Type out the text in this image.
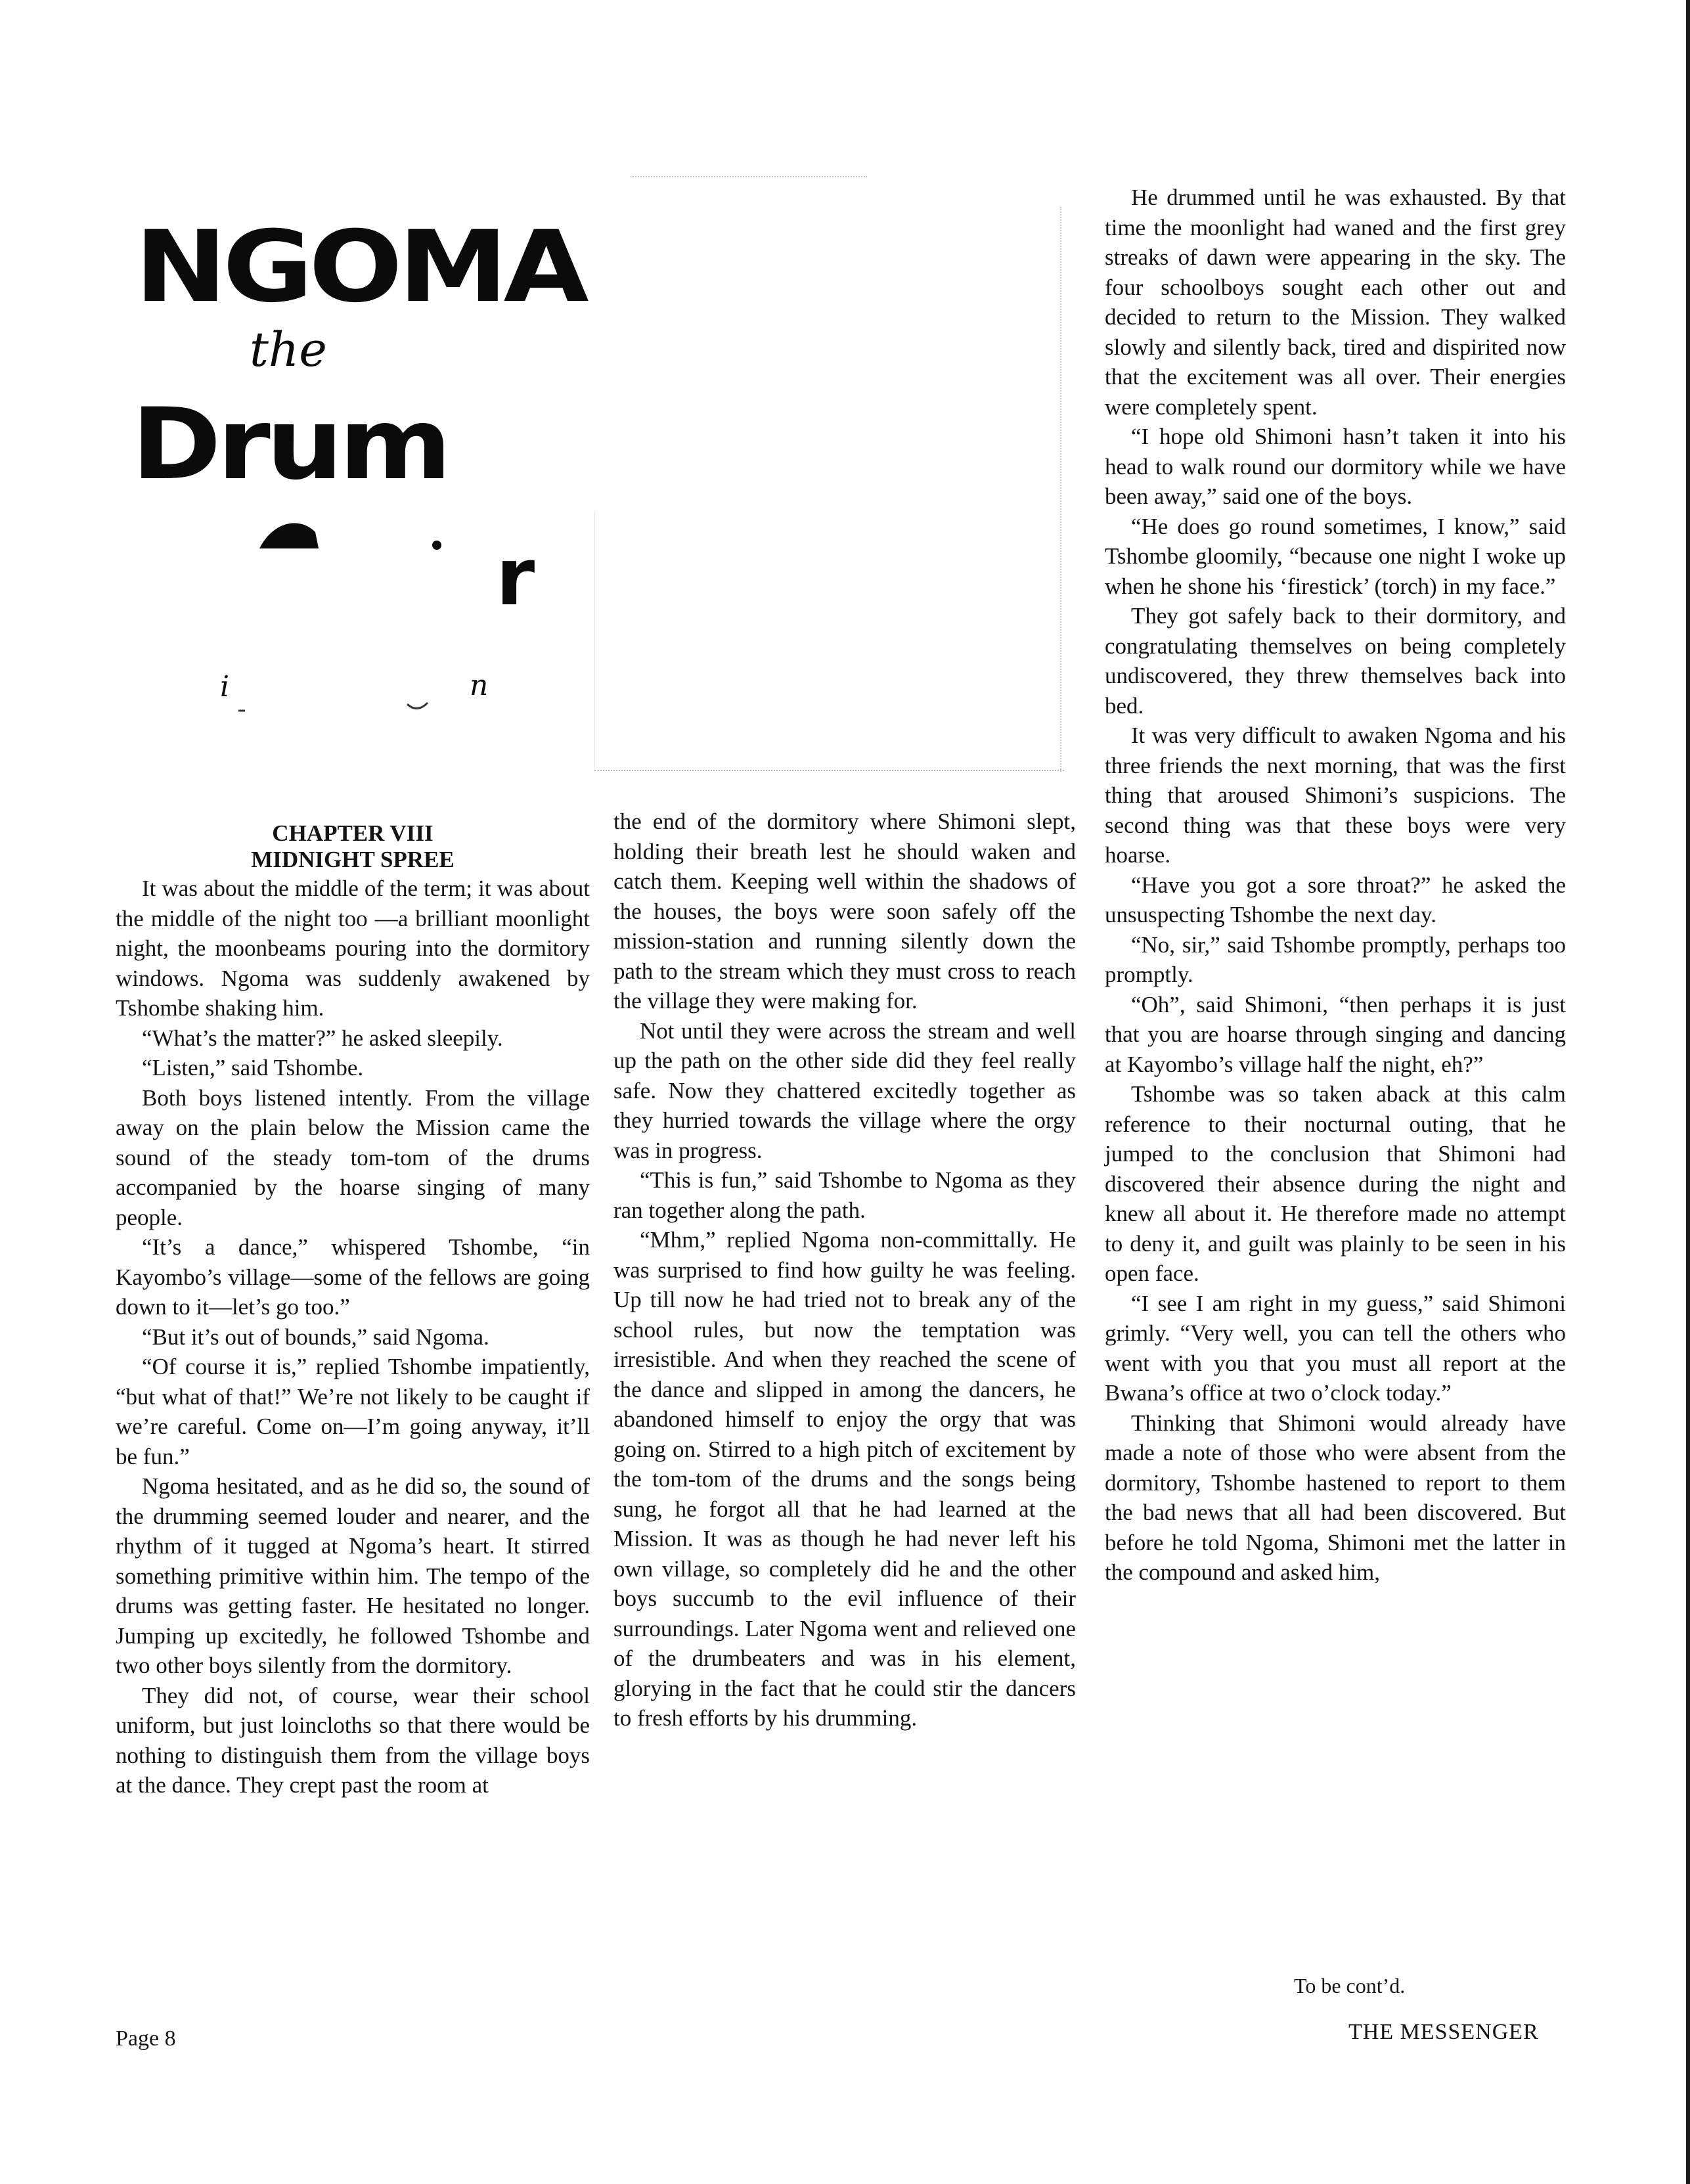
NGOMA
the
Drum
r
i	n
CHAPTER VIII
MIDNIGHT SPREE

It was about the middle of the term; it was about the middle of the night too —a brilliant moonlight night, the moonbeams pouring into the dormitory windows. Ngoma was suddenly awakened by Tshombe shaking him.

“What’s the matter?” he asked sleepily.

“Listen,” said Tshombe.

Both boys listened intently. From the village away on the plain below the Mission came the sound of the steady tom-tom of the drums accompanied by the hoarse singing of many people.

“It’s a dance,” whispered Tshombe, “in Kayombo’s village—some of the fellows are going down to it—let’s go too.”

“But it’s out of bounds,” said Ngoma.

“Of course it is,” replied Tshombe impatiently, “but what of that!” We’re not likely to be caught if we’re careful. Come on—I’m going anyway, it’ll be fun.”

Ngoma hesitated, and as he did so, the sound of the drumming seemed louder and nearer, and the rhythm of it tugged at Ngoma’s heart. It stirred something primitive within him. The tempo of the drums was getting faster. He hesitated no longer. Jumping up excitedly, he followed Tshombe and two other boys silently from the dormitory.

They did not, of course, wear their school uniform, but just loincloths so that there would be nothing to distinguish them from the village boys at the dance. They crept past the room at

the end of the dormitory where Shimoni slept, holding their breath lest he should waken and catch them. Keeping well within the shadows of the houses, the boys were soon safely off the mission-station and running silently down the path to the stream which they must cross to reach the village they were making for.

Not until they were across the stream and well up the path on the other side did they feel really safe. Now they chattered excitedly together as they hurried towards the village where the orgy was in progress.

“This is fun,” said Tshombe to Ngoma as they ran together along the path.

“Mhm,” replied Ngoma non-committally. He was surprised to find how guilty he was feeling. Up till now he had tried not to break any of the school rules, but now the temptation was irresistible. And when they reached the scene of the dance and slipped in among the dancers, he abandoned himself to enjoy the orgy that was going on. Stirred to a high pitch of excitement by the tom-tom of the drums and the songs being sung, he forgot all that he had learned at the Mission. It was as though he had never left his own village, so completely did he and the other boys succumb to the evil influence of their surroundings. Later Ngoma went and relieved one of the drumbeaters and was in his element, glorying in the fact that he could stir the dancers to fresh efforts by his drumming.

He drummed until he was exhausted. By that time the moonlight had waned and the first grey streaks of dawn were appearing in the sky. The four schoolboys sought each other out and decided to return to the Mission. They walked slowly and silently back, tired and dispirited now that the excitement was all over. Their energies were completely spent.

“I hope old Shimoni hasn’t taken it into his head to walk round our dormitory while we have been away,” said one of the boys.

“He does go round sometimes, I know,” said Tshombe gloomily, “because one night I woke up when he shone his ‘firestick’ (torch) in my face.”

They got safely back to their dormitory, and congratulating themselves on being completely undiscovered, they threw themselves back into bed.

It was very difficult to awaken Ngoma and his three friends the next morning, that was the first thing that aroused Shimoni’s suspicions. The second thing was that these boys were very hoarse.

“Have you got a sore throat?” he asked the unsuspecting Tshombe the next day.

“No, sir,” said Tshombe promptly, perhaps too promptly.

“Oh”, said Shimoni, “then perhaps it is just that you are hoarse through singing and dancing at Kayombo’s village half the night, eh?”

Tshombe was so taken aback at this calm reference to their nocturnal outing, that he jumped to the conclusion that Shimoni had discovered their absence during the night and knew all about it. He therefore made no attempt to deny it, and guilt was plainly to be seen in his open face.

“I see I am right in my guess,” said Shimoni grimly. “Very well, you can tell the others who went with you that you must all report at the Bwana’s office at two o’clock today.”

Thinking that Shimoni would already have made a note of those who were absent from the dormitory, Tshombe hastened to report to them the bad news that all had been discovered. But before he told Ngoma, Shimoni met the latter in the compound and asked him,

To be cont’d.
Page 8	THE MESSENGER
